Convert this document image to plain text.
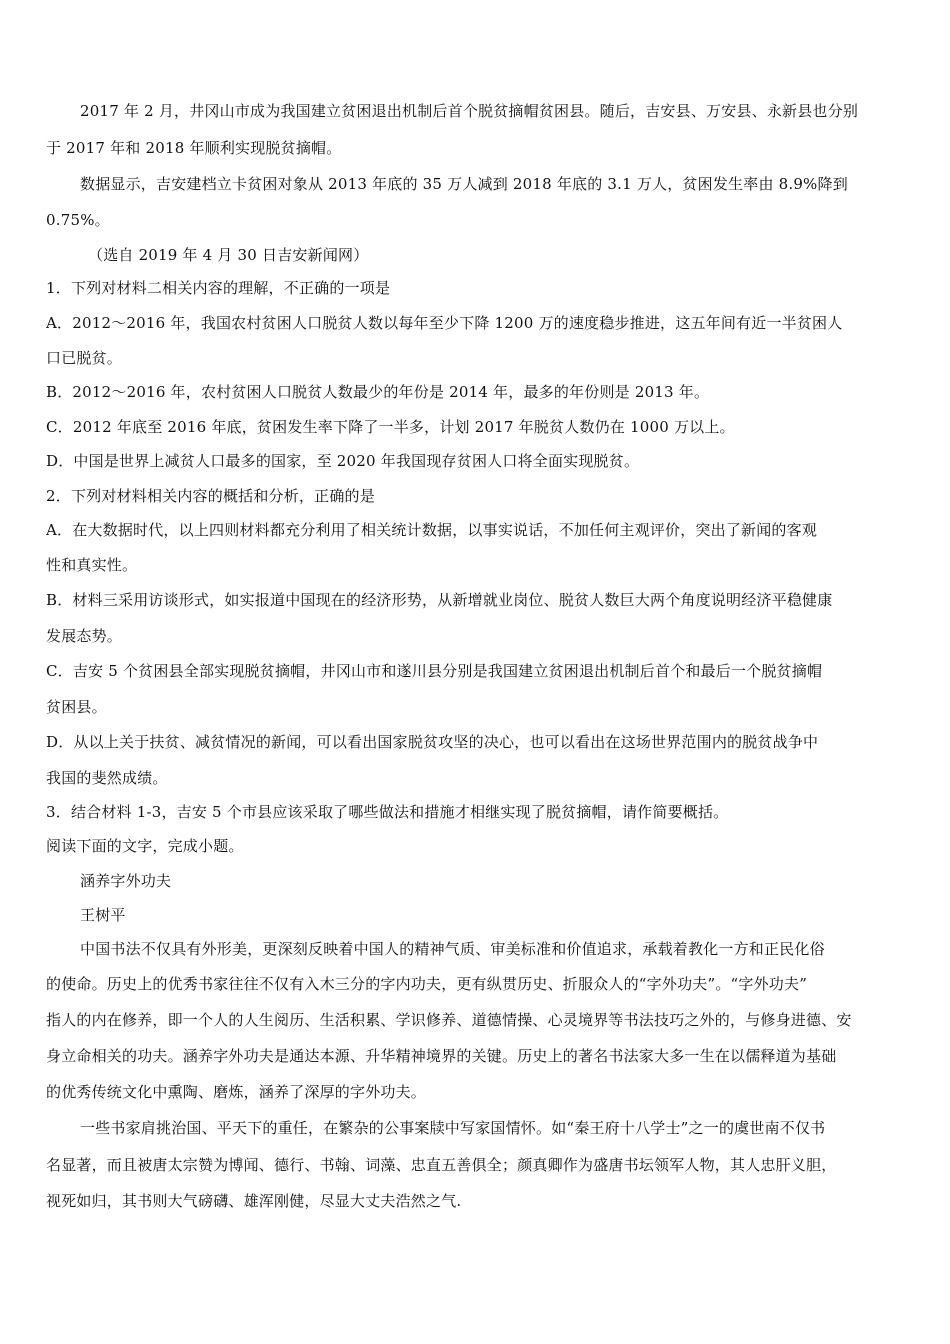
2017 年 2 月，井冈山市成为我国建立贫困退出机制后首个脱贫摘帽贫困县。随后，吉安县、万安县、永新县也分别
于 2017 年和 2018 年顺利实现脱贫摘帽。
数据显示，吉安建档立卡贫困对象从 2013 年底的 35 万人减到 2018 年底的 3.1 万人，贫困发生率由 8.9%降到
0.75%。
（选自 2019 年 4 月 30 日吉安新闻网）
1．下列对材料二相关内容的理解，不正确的一项是
A．2012～2016 年，我国农村贫困人口脱贫人数以每年至少下降 1200 万的速度稳步推进，这五年间有近一半贫困人
口已脱贫。
B．2012～2016 年，农村贫困人口脱贫人数最少的年份是 2014 年，最多的年份则是 2013 年。
C．2012 年底至 2016 年底，贫困发生率下降了一半多，计划 2017 年脱贫人数仍在 1000 万以上。
D．中国是世界上减贫人口最多的国家，至 2020 年我国现存贫困人口将全面实现脱贫。
2．下列对材料相关内容的概括和分析，正确的是
A．在大数据时代，以上四则材料都充分利用了相关统计数据，以事实说话，不加任何主观评价，突出了新闻的客观
性和真实性。
B．材料三采用访谈形式，如实报道中国现在的经济形势，从新增就业岗位、脱贫人数巨大两个角度说明经济平稳健康
发展态势。
C．吉安 5 个贫困县全部实现脱贫摘帽，井冈山市和遂川县分别是我国建立贫困退出机制后首个和最后一个脱贫摘帽
贫困县。
D．从以上关于扶贫、减贫情况的新闻，可以看出国家脱贫攻坚的决心，也可以看出在这场世界范围内的脱贫战争中
我国的斐然成绩。
3．结合材料 1-3，吉安 5 个市县应该采取了哪些做法和措施才相继实现了脱贫摘帽，请作简要概括。
阅读下面的文字，完成小题。
涵养字外功夫
王树平
中国书法不仅具有外形美，更深刻反映着中国人的精神气质、审美标准和价值追求，承载着教化一方和正民化俗
的使命。历史上的优秀书家往往不仅有入木三分的字内功夫，更有纵贯历史、折服众人的“字外功夫”。“字外功夫”
指人的内在修养，即一个人的人生阅历、生活积累、学识修养、道德情操、心灵境界等书法技巧之外的，与修身进德、安
身立命相关的功夫。涵养字外功夫是通达本源、升华精神境界的关键。历史上的著名书法家大多一生在以儒释道为基础
的优秀传统文化中熏陶、磨炼，涵养了深厚的字外功夫。
一些书家肩挑治国、平天下的重任，在繁杂的公事案牍中写家国情怀。如“秦王府十八学士”之一的虞世南不仅书
名显著，而且被唐太宗赞为博闻、德行、书翰、词藻、忠直五善俱全；颜真卿作为盛唐书坛领军人物，其人忠肝义胆，
视死如归，其书则大气磅礴、雄浑刚健，尽显大丈夫浩然之气.
